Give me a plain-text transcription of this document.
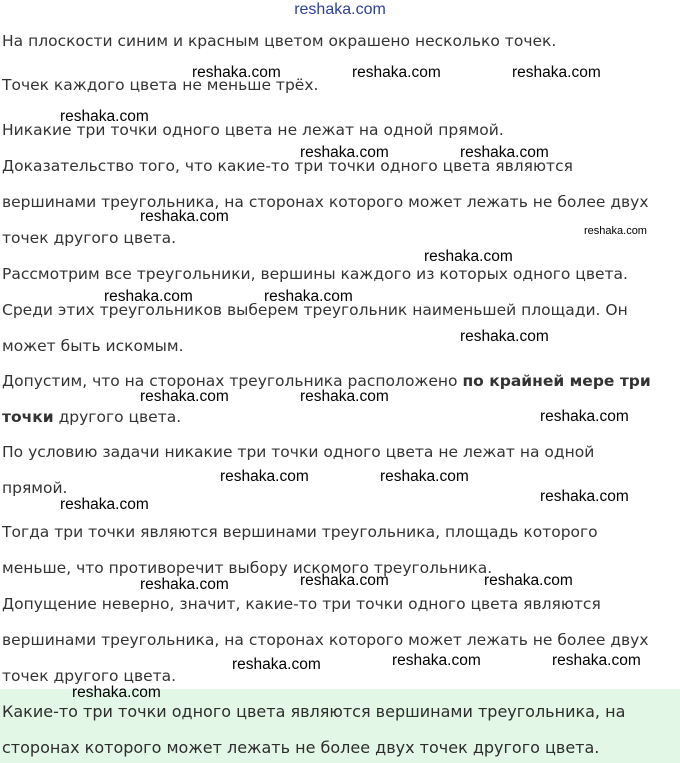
reshaka.com
На плоскости синим и красным цветом окрашено несколько точек.
Точек каждого цвета не меньше трёх.
Никакие три точки одного цвета не лежат на одной прямой.
Доказательство того, что какие-то три точки одного цвета являются
вершинами треугольника, на сторонах которого может лежать не более двух
точек другого цвета.
Рассмотрим все треугольники, вершины каждого из которых одного цвета.
Среди этих треугольников выберем треугольник наименьшей площади. Он
может быть искомым.
Допустим, что на сторонах треугольника расположено по крайней мере три
точки другого цвета.
По условию задачи никакие три точки одного цвета не лежат на одной
прямой.
Тогда три точки являются вершинами треугольника, площадь которого
меньше, что противоречит выбору искомого треугольника.
Допущение неверно, значит, какие-то три точки одного цвета являются
вершинами треугольника, на сторонах которого может лежать не более двух
точек другого цвета.
Какие-то три точки одного цвета являются вершинами треугольника, на
сторонах которого может лежать не более двух точек другого цвета.
reshaka.com	reshaka.com	reshaka.com
reshaka.com
reshaka.com	reshaka.com
reshaka.com
reshaka.com
reshaka.com
reshaka.com	reshaka.com
reshaka.com
reshaka.com	reshaka.com
reshaka.com
reshaka.com	reshaka.com
reshaka.com
reshaka.com
reshaka.com	reshaka.com
reshaka.com
reshaka.com	reshaka.com
reshaka.com
reshaka.com
